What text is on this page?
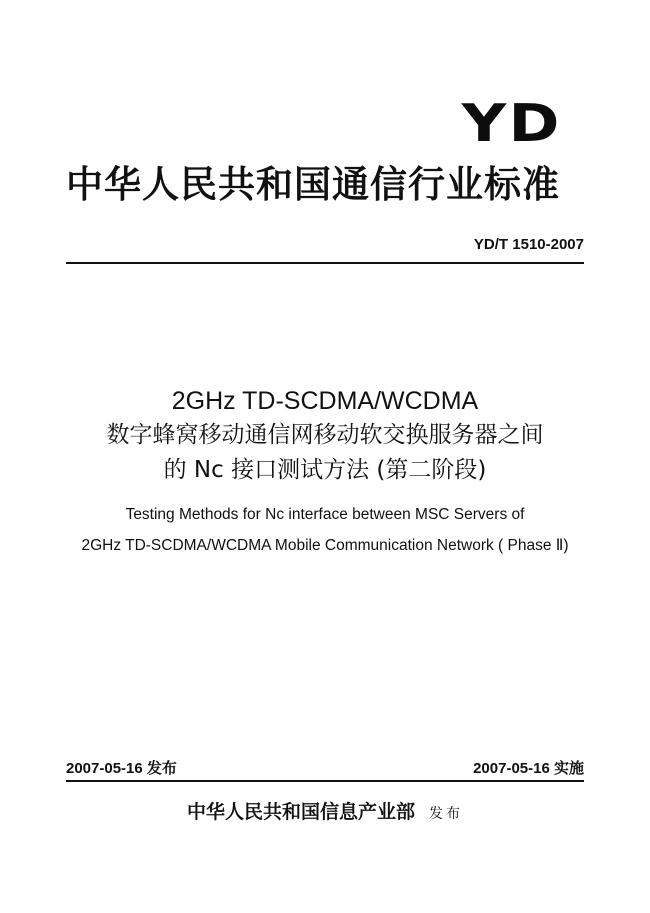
YD
中华人民共和国通信行业标准
YD/T 1510-2007
2GHz TD-SCDMA/WCDMA
数字蜂窝移动通信网移动软交换服务器之间
的 Nc 接口测试方法 (第二阶段)
Testing Methods for Nc interface between MSC Servers of
2GHz TD-SCDMA/WCDMA Mobile Communication Network ( Phase Ⅱ)
2007-05-16 发布	2007-05-16 实施
中华人民共和国信息产业部 发布
